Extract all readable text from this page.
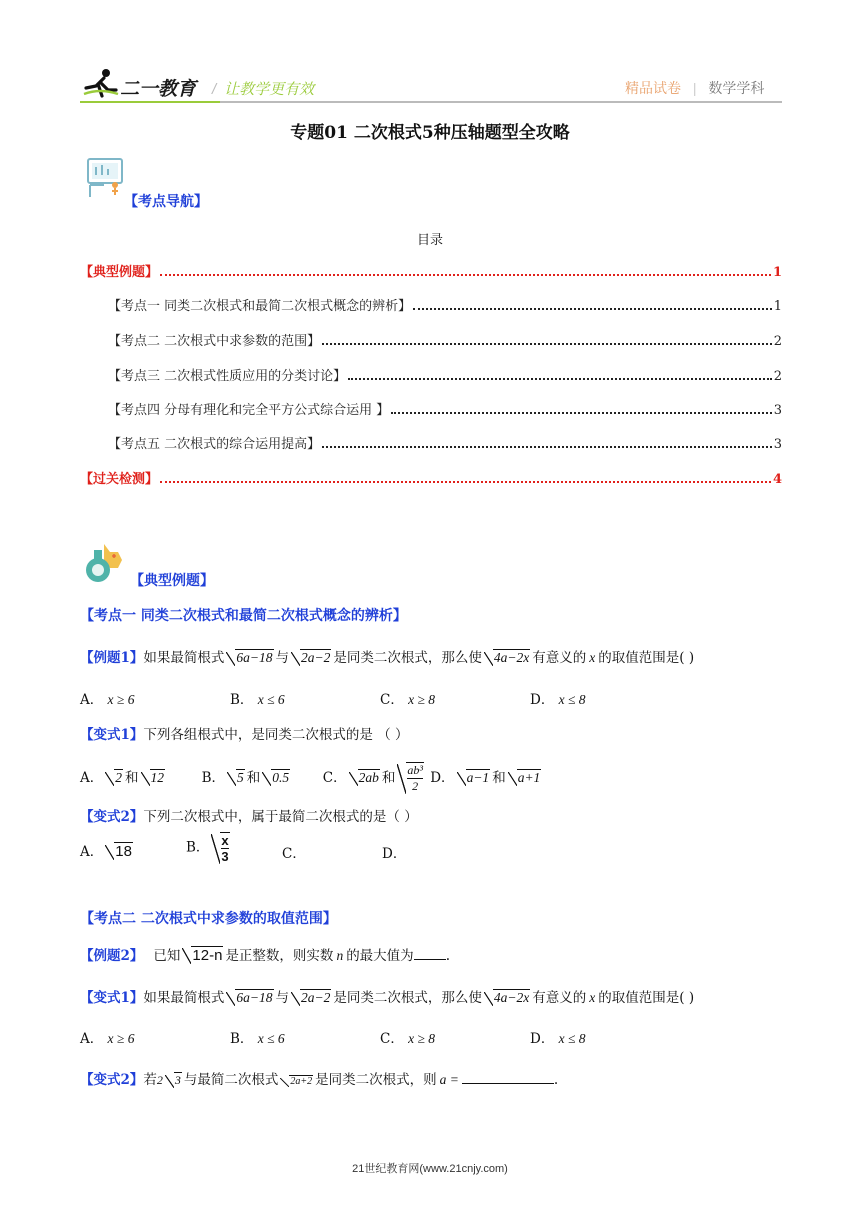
二一教育 / 让教学更有效	精品试卷 | 数学学科
专题01 二次根式5种压轴题型全攻略
【考点导航】
目录
【典型例题】	1
【考点一 同类二次根式和最简二次根式概念的辨析】	1
【考点二 二次根式中求参数的范围】	2
【考点三 二次根式性质应用的分类讨论】	2
【考点四 分母有理化和完全平方公式综合运用 】	3
【考点五 二次根式的综合运用提高】	3
【过关检测】	4
【典型例题】
【考点一 同类二次根式和最简二次根式概念的辨析】
【例题1】如果最简根式 6a−18 与 2a−2 是同类二次根式，那么使 4a−2x 有意义的 x 的取值范围是( )
A． x ≥ 6	B． x ≤ 6	C． x ≥ 8	D． x ≤ 8
【变式1】下列各组根式中，是同类二次根式的是 （ ）
A． 2 和 12	B． 5 和 0.5 C． 2ab 和 $\frac{\text{ab³}}{2}$ D． a−1 和 a+1
【变式2】下列二次根式中，属于最简二次根式的是（ ）
A． 18	B． $\frac{x}{3}$	C．	D．
【考点二 二次根式中求参数的取值范围】
【例题2】 已知 12-n 是正整数，则实数 n 的最大值为 .
【变式1】如果最简根式 6a−18 与 2a−2 是同类二次根式，那么使 4a−2x 有意义的 x 的取值范围是( )
A． x ≥ 6	B． x ≤ 6	C． x ≥ 8	D． x ≤ 8
【变式2】若2 3 与最简二次根式 2a+2 是同类二次根式，则 a =	.
21世纪教育网(www.21cnjy.com)
